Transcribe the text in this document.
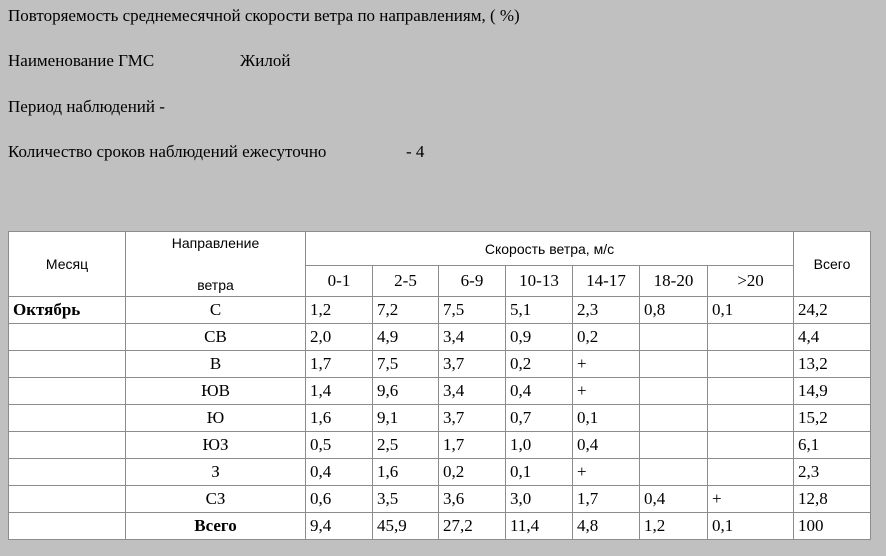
Повторяемость среднемесячной скорости ветра по направлениям, ( %)
Наименование ГМС	Жилой
Период наблюдений -
Количество сроков наблюдений ежесуточно	- 4
Месяц	Направление
ветра	Скорость ветра, м/с							Всего
		0-1	2-5	6-9	10-13	14-17	18-20	>20	
Октябрь	С	1,2	7,2	7,5	5,1	2,3	0,8	0,1	24,2
	СВ	2,0	4,9	3,4	0,9	0,2			4,4
	В	1,7	7,5	3,7	0,2	+			13,2
	ЮВ	1,4	9,6	3,4	0,4	+			14,9
	Ю	1,6	9,1	3,7	0,7	0,1			15,2
	ЮЗ	0,5	2,5	1,7	1,0	0,4			6,1
	З	0,4	1,6	0,2	0,1	+			2,3
	СЗ	0,6	3,5	3,6	3,0	1,7	0,4	+	12,8
	Всего	9,4	45,9	27,2	11,4	4,8	1,2	0,1	100
